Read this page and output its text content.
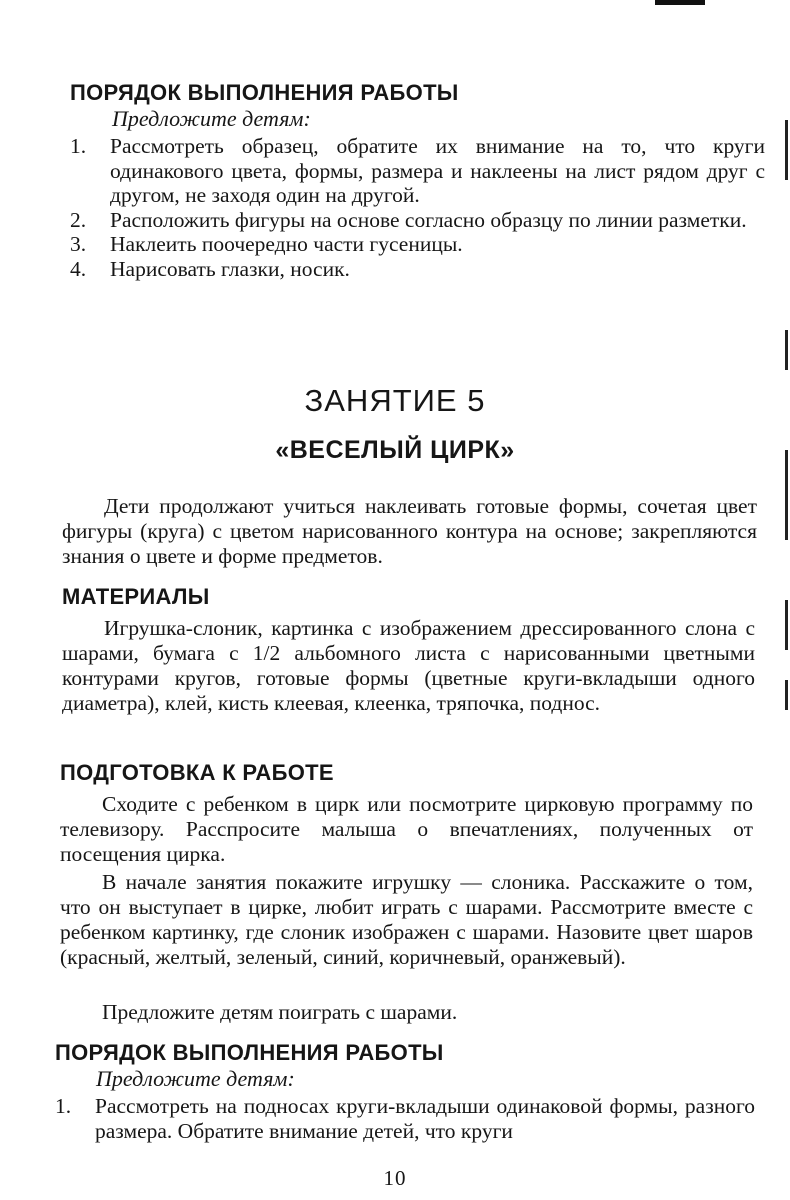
ПОРЯДОК ВЫПОЛНЕНИЯ РАБОТЫ

Предложите детям:

1. Рассмотреть образец, обратите их внимание на то, что круги одинакового цвета, формы, размера и наклеены на лист рядом друг с другом, не заходя один на другой.
2. Расположить фигуры на основе согласно образцу по линии разметки.
3. Наклеить поочередно части гусеницы.
4. Нарисовать глазки, носик.
ЗАНЯТИЕ 5
«ВЕСЕЛЫЙ ЦИРК»

Дети продолжают учиться наклеивать готовые формы, сочетая цвет фигуры (круга) с цветом нарисованного контура на основе; закрепляются знания о цвете и форме предметов.

МАТЕРИАЛЫ

Игрушка-слоник, картинка с изображением дрессированного слона с шарами, бумага с 1/2 альбомного листа с нарисованными цветными контурами кругов, готовые формы (цветные круги-вкладыши одного диаметра), клей, кисть клеевая, клеенка, тряпочка, поднос.

ПОДГОТОВКА К РАБОТЕ

Сходите с ребенком в цирк или посмотрите цирковую программу по телевизору. Расспросите малыша о впечатлениях, полученных от посещения цирка.

В начале занятия покажите игрушку — слоника. Расскажите о том, что он выступает в цирке, любит играть с шарами. Рассмотрите вместе с ребенком картинку, где слоник изображен с шарами. Назовите цвет шаров (красный, желтый, зеленый, синий, коричневый, оранжевый).

Предложите детям поиграть с шарами.

ПОРЯДОК ВЫПОЛНЕНИЯ РАБОТЫ

Предложите детям:

1. Рассмотреть на подносах круги-вкладыши одинаковой формы, разного размера. Обратите внимание детей, что круги

10
